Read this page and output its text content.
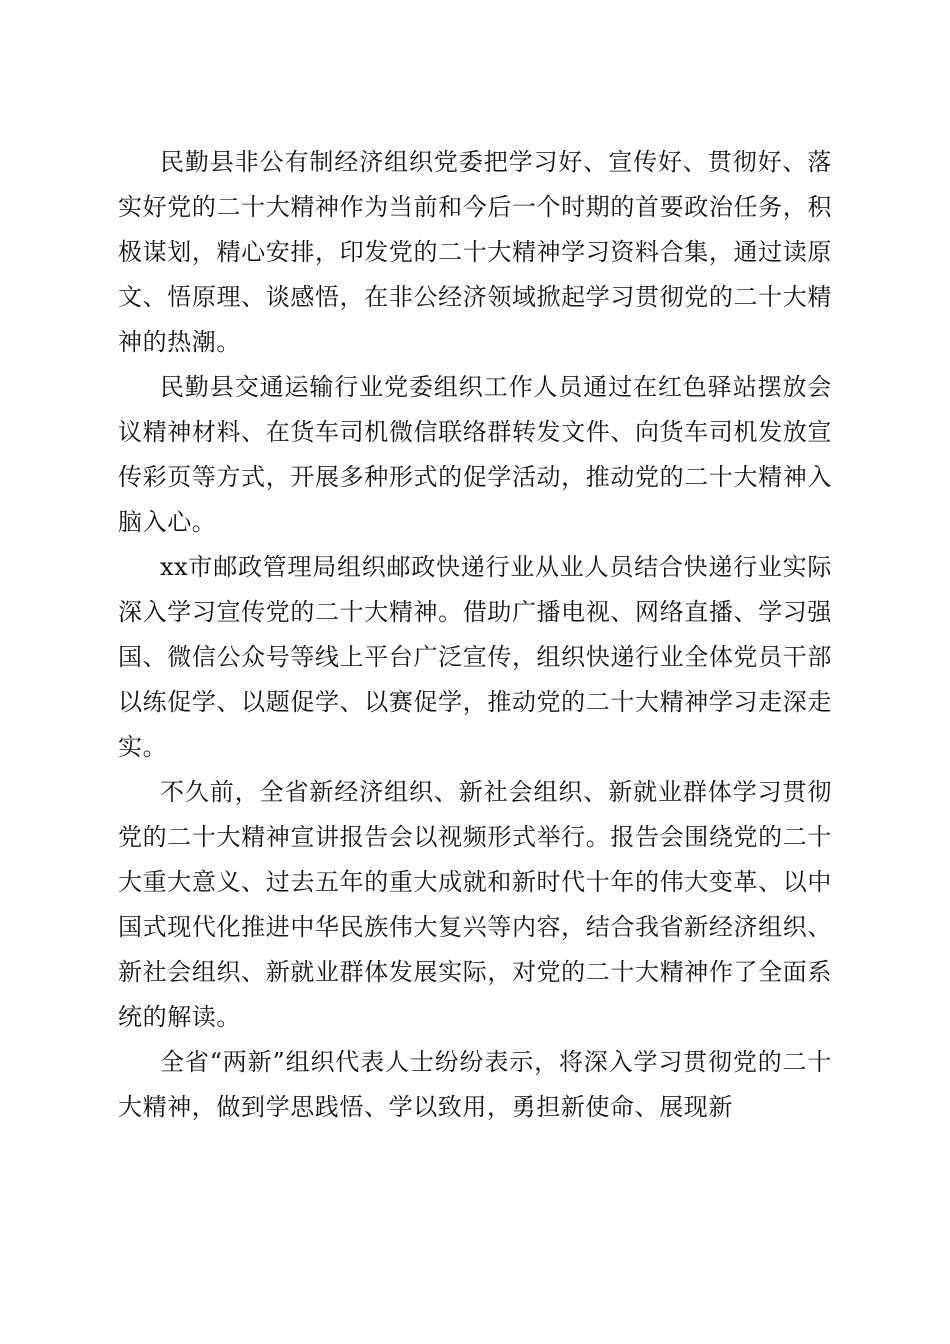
民勤县非公有制经济组织党委把学习好、宣传好、贯彻好、落实好党的二十大精神作为当前和今后一个时期的首要政治任务，积极谋划，精心安排，印发党的二十大精神学习资料合集，通过读原文、悟原理、谈感悟，在非公经济领域掀起学习贯彻党的二十大精神的热潮。

民勤县交通运输行业党委组织工作人员通过在红色驿站摆放会议精神材料、在货车司机微信联络群转发文件、向货车司机发放宣传彩页等方式，开展多种形式的促学活动，推动党的二十大精神入脑入心。

xx市邮政管理局组织邮政快递行业从业人员结合快递行业实际深入学习宣传党的二十大精神。借助广播电视、网络直播、学习强国、微信公众号等线上平台广泛宣传，组织快递行业全体党员干部以练促学、以题促学、以赛促学，推动党的二十大精神学习走深走实。

不久前，全省新经济组织、新社会组织、新就业群体学习贯彻党的二十大精神宣讲报告会以视频形式举行。报告会围绕党的二十大重大意义、过去五年的重大成就和新时代十年的伟大变革、以中国式现代化推进中华民族伟大复兴等内容，结合我省新经济组织、新社会组织、新就业群体发展实际，对党的二十大精神作了全面系统的解读。

全省“两新”组织代表人士纷纷表示，将深入学习贯彻党的二十大精神，做到学思践悟、学以致用，勇担新使命、展现新
